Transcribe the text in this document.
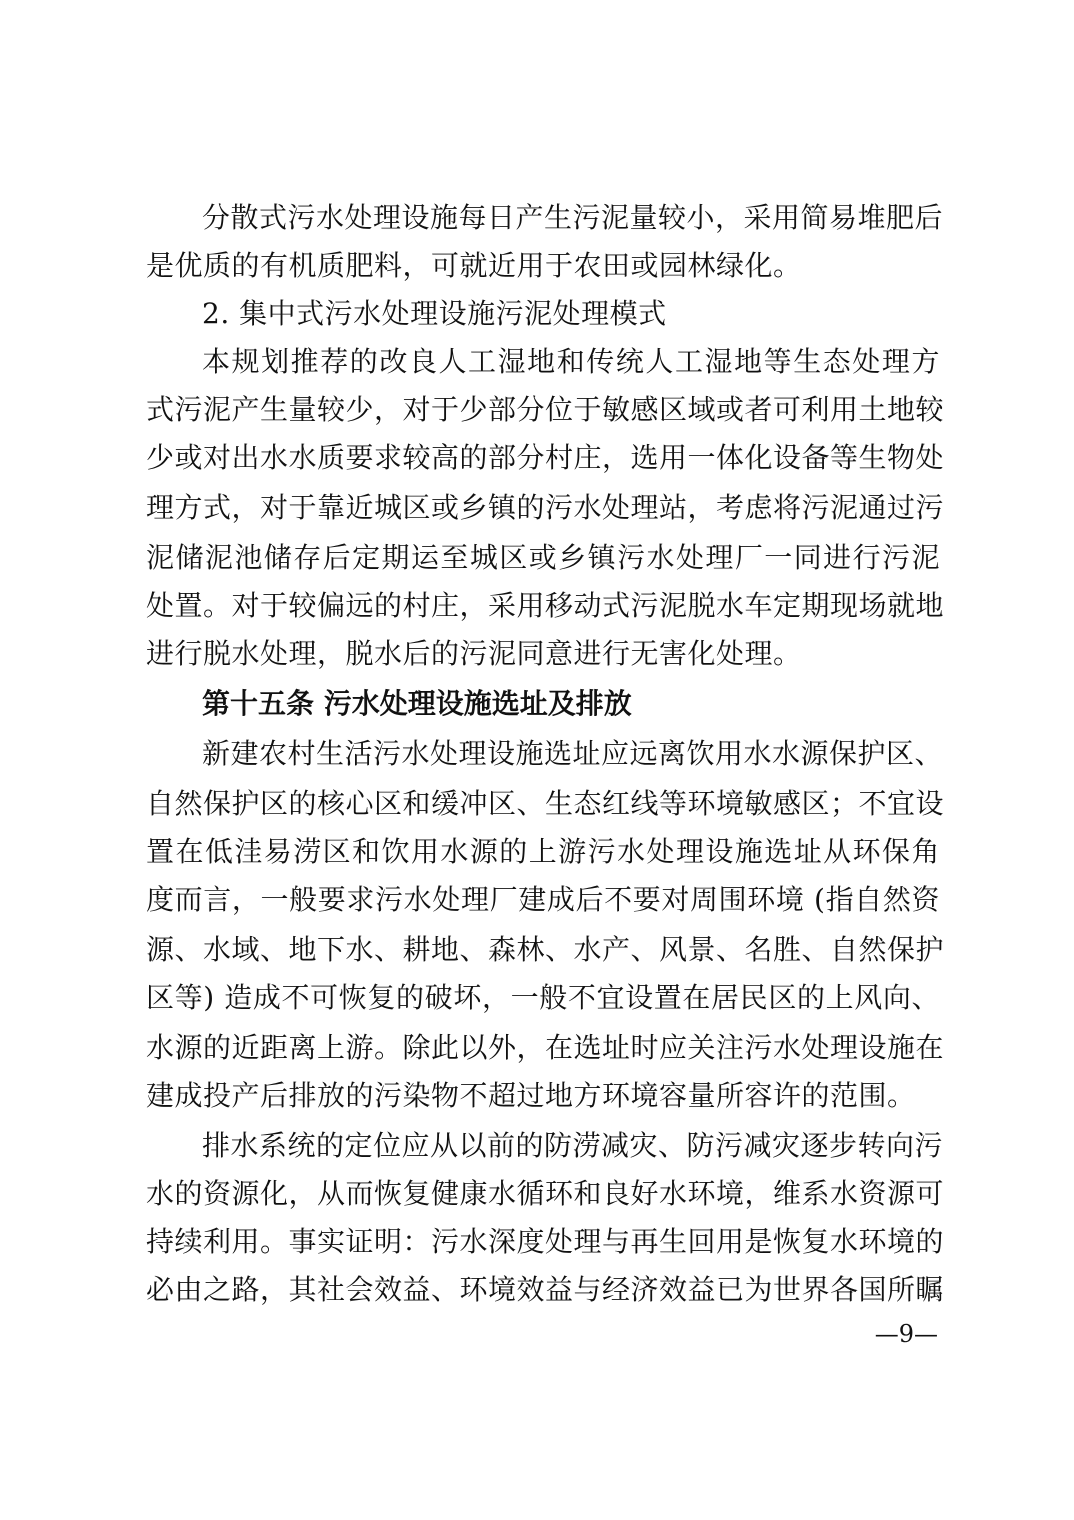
分散式污水处理设施每日产生污泥量较小，采用简易堆肥后
是优质的有机质肥料，可就近用于农田或园林绿化。
2. 集中式污水处理设施污泥处理模式
本规划推荐的改良人工湿地和传统人工湿地等生态处理方
式污泥产生量较少，对于少部分位于敏感区域或者可利用土地较
少或对出水水质要求较高的部分村庄，选用一体化设备等生物处
理方式，对于靠近城区或乡镇的污水处理站，考虑将污泥通过污
泥储泥池储存后定期运至城区或乡镇污水处理厂一同进行污泥
处置。对于较偏远的村庄，采用移动式污泥脱水车定期现场就地
进行脱水处理，脱水后的污泥同意进行无害化处理。
第十五条 污水处理设施选址及排放
新建农村生活污水处理设施选址应远离饮用水水源保护区、
自然保护区的核心区和缓冲区、生态红线等环境敏感区；不宜设
置在低洼易涝区和饮用水源的上游污水处理设施选址从环保角
度而言，一般要求污水处理厂建成后不要对周围环境 (指自然资
源、水域、地下水、耕地、森林、水产、风景、名胜、自然保护
区等) 造成不可恢复的破坏，一般不宜设置在居民区的上风向、
水源的近距离上游。除此以外，在选址时应关注污水处理设施在
建成投产后排放的污染物不超过地方环境容量所容许的范围。
排水系统的定位应从以前的防涝减灾、防污减灾逐步转向污
水的资源化，从而恢复健康水循环和良好水环境，维系水资源可
持续利用。事实证明：污水深度处理与再生回用是恢复水环境的
必由之路，其社会效益、环境效益与经济效益已为世界各国所瞩
—9—
